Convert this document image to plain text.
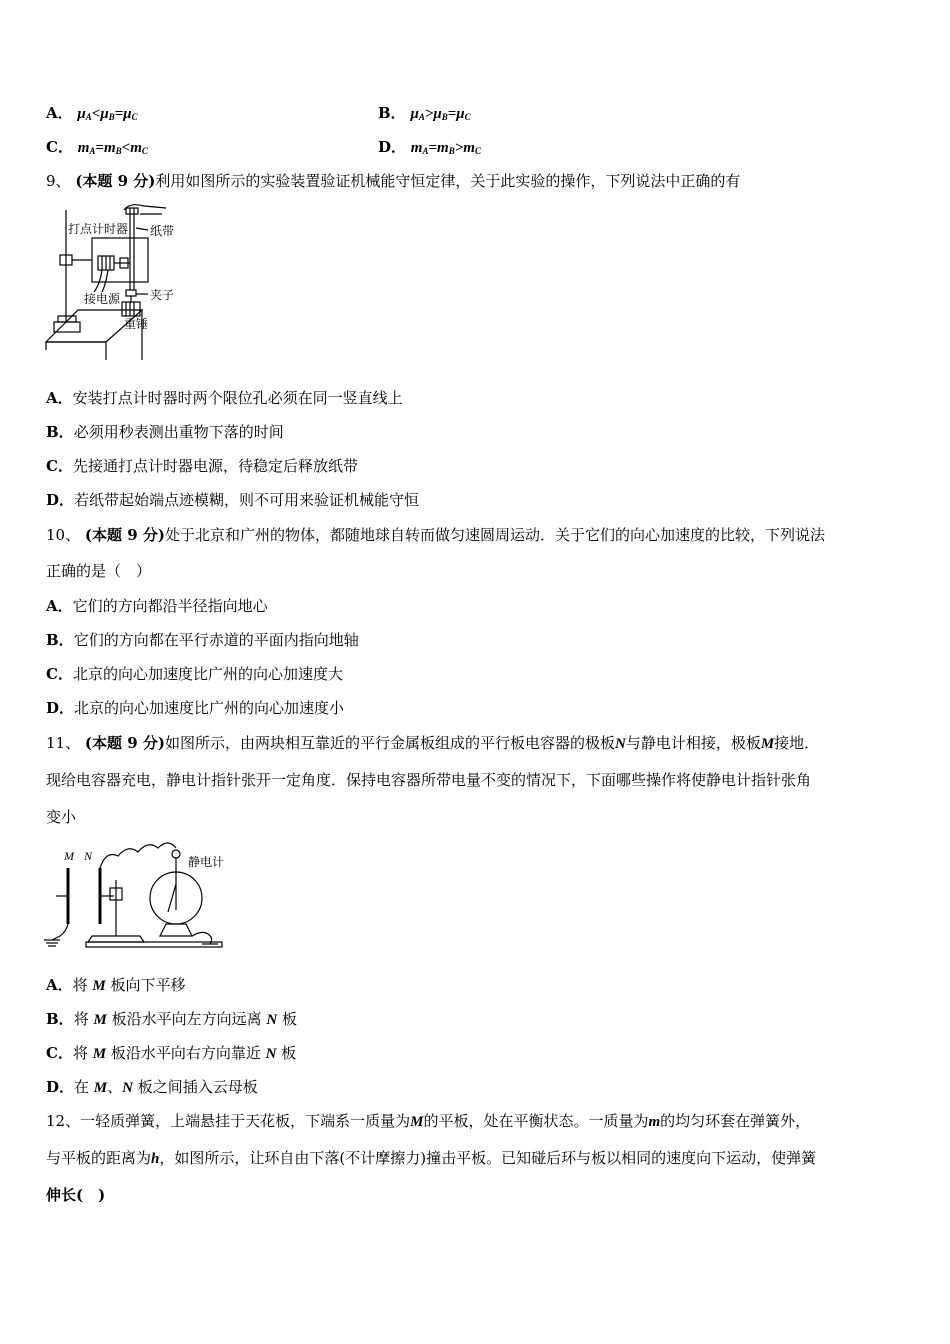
A． $\mu_A<\mu_B=\mu_C$	B． $\mu_A>\mu_B=\mu_C$
C． $m_A=m_B<m_C$	D． $m_A=m_B>m_C$
9、 (本题 9 分)利用如图所示的实验装置验证机械能守恒定律，关于此实验的操作，下列说法中正确的有
打点计时器 纸带
接电源 夹子
重锤
A．安装打点计时器时两个限位孔必须在同一竖直线上
B．必须用秒表测出重物下落的时间
C．先接通打点计时器电源，待稳定后释放纸带
D．若纸带起始端点迹模糊，则不可用来验证机械能守恒
10、 (本题 9 分)处于北京和广州的物体，都随地球自转而做匀速圆周运动．关于它们的向心加速度的比较，下列说法
正确的是（　）
A．它们的方向都沿半径指向地心
B．它们的方向都在平行赤道的平面内指向地轴
C．北京的向心加速度比广州的向心加速度大
D．北京的向心加速度比广州的向心加速度小
11、 (本题 9 分)如图所示，由两块相互靠近的平行金属板组成的平行板电容器的极板N与静电计相接，极板M接地．
现给电容器充电，静电计指针张开一定角度．保持电容器所带电量不变的情况下，下面哪些操作将使静电计指针张角
变小
M N	静电计
A．将 M 板向下平移
B．将 M 板沿水平向左方向远离 N 板
C．将 M 板沿水平向右方向靠近 N 板
D．在 M、N 板之间插入云母板
12、一轻质弹簧，上端悬挂于天花板，下端系一质量为M的平板，处在平衡状态。一质量为m的均匀环套在弹簧外，
与平板的距离为h，如图所示，让环自由下落(不计摩擦力)撞击平板。已知碰后环与板以相同的速度向下运动，使弹簧
伸长(　)
